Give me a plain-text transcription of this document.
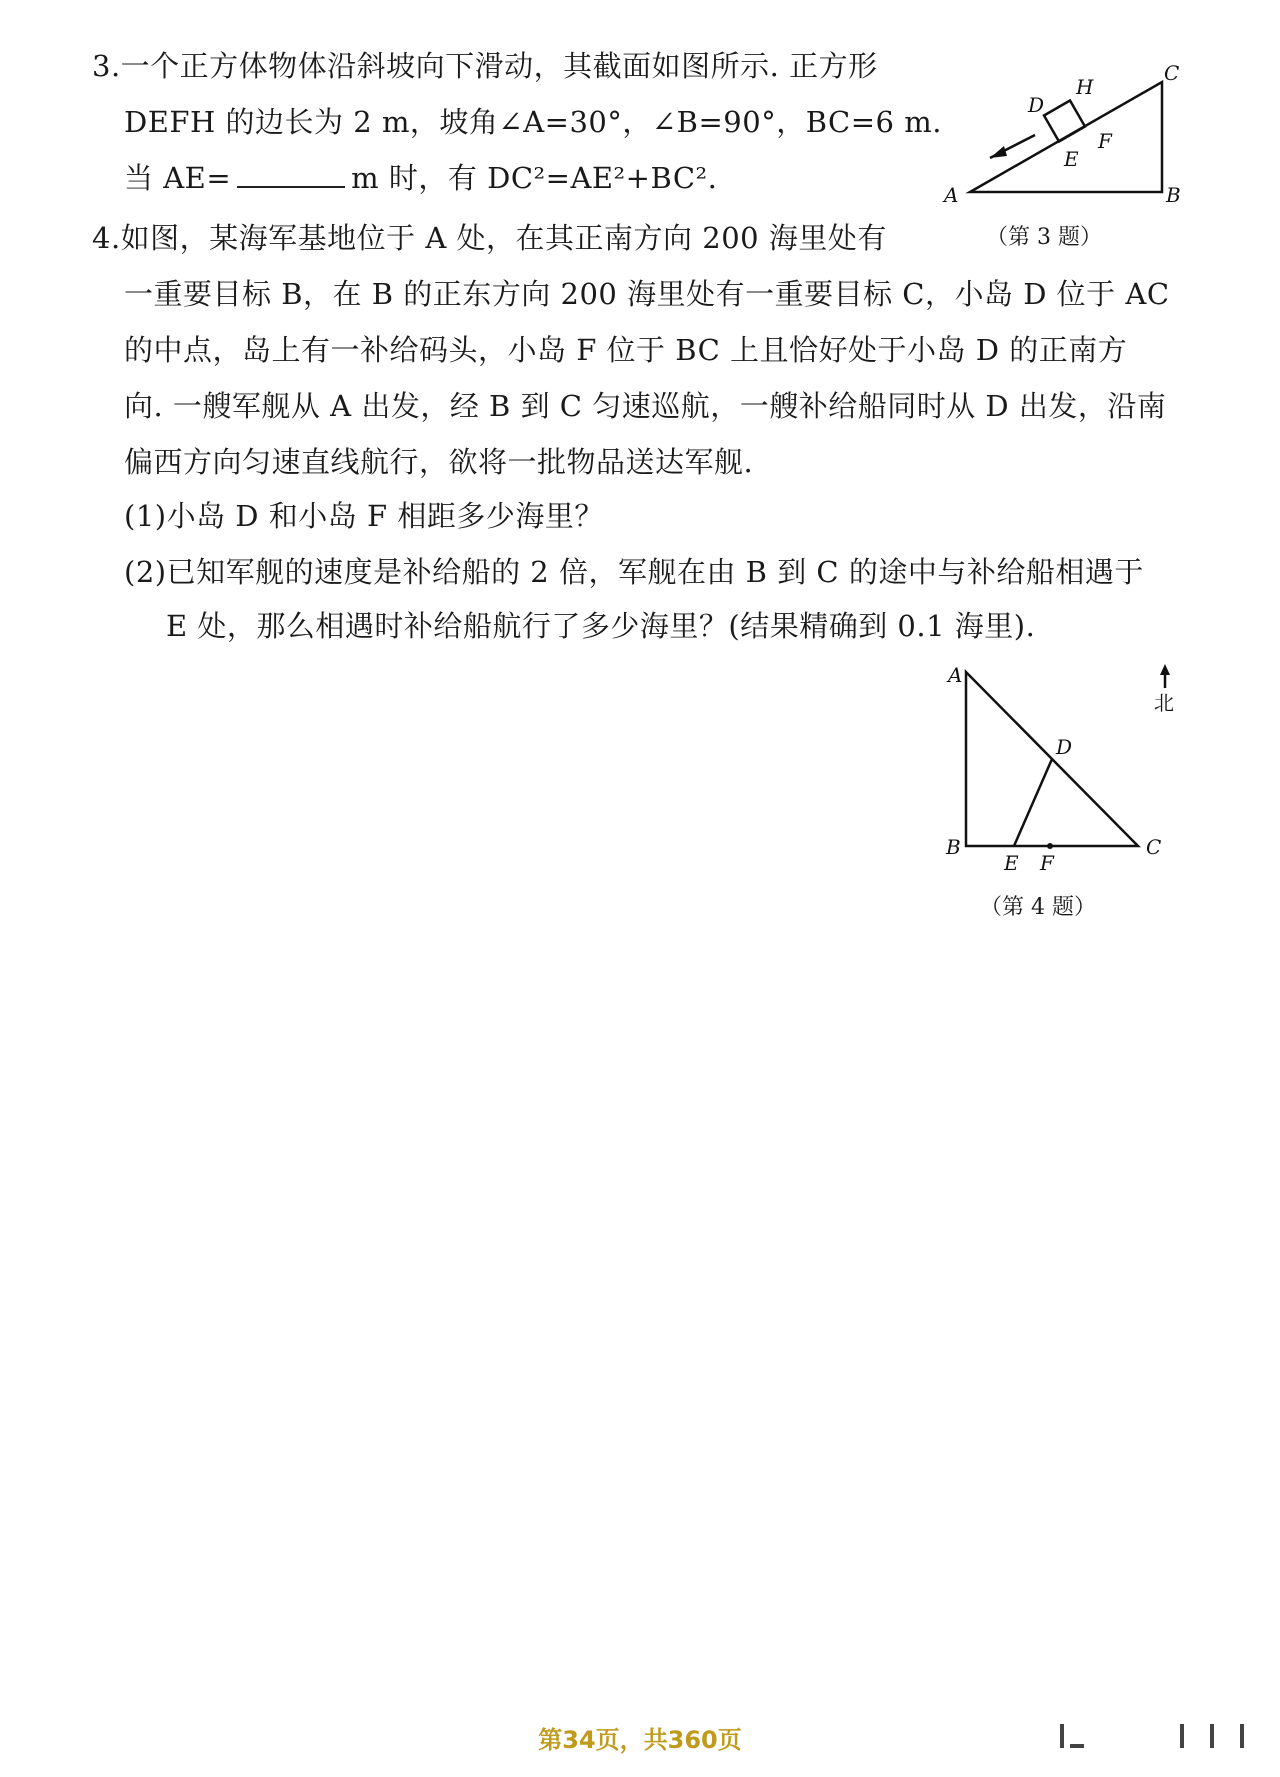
3.一个正方体物体沿斜坡向下滑动，其截面如图所示. 正方形
DEFH 的边长为 2 m，坡角∠A=30°，∠B=90°，BC=6 m.
当 AE=	m 时，有 DC²=AE²+BC².	A	B
C
D
E
F
H
（第 3 题）
4.如图，某海军基地位于 A 处，在其正南方向 200 海里处有
一重要目标 B，在 B 的正东方向 200 海里处有一重要目标 C，小岛 D 位于 AC
的中点，岛上有一补给码头，小岛 F 位于 BC 上且恰好处于小岛 D 的正南方
向. 一艘军舰从 A 出发，经 B 到 C 匀速巡航，一艘补给船同时从 D 出发，沿南
偏西方向匀速直线航行，欲将一批物品送达军舰.
(1)小岛 D 和小岛 F 相距多少海里？
(2)已知军舰的速度是补给船的 2 倍，军舰在由 B 到 C 的途中与补给船相遇于
E 处，那么相遇时补给船航行了多少海里？(结果精确到 0.1 海里).
A
B	C
D
E F
北
（第 4 题）
第34页，共360页
